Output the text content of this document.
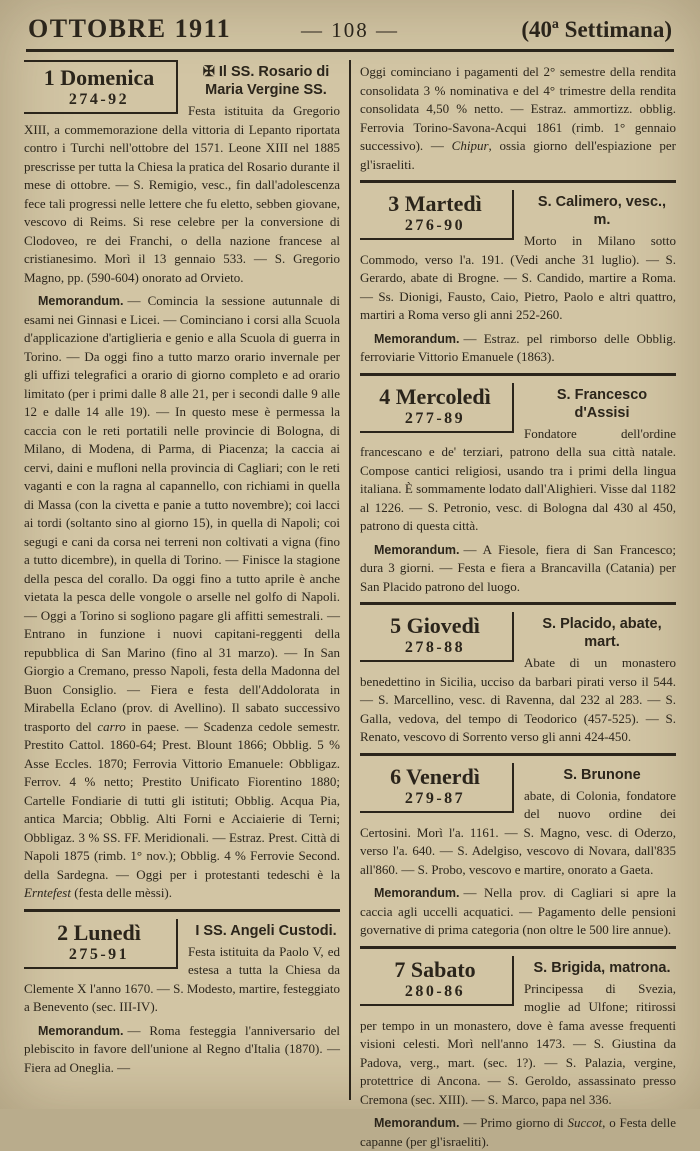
OTTOBRE 1911	— 108 —	(40ª Settimana)
1 Domenica
274-92
✠ Il SS. Rosario di Maria Vergine SS.

Festa istituita da Gregorio XIII, a commemorazione della vittoria di Lepanto riportata contro i Turchi nell'ottobre del 1571. Leone XIII nel 1885 prescrisse per tutta la Chiesa la pratica del Rosario durante il mese di ottobre. — S. Remigio, vesc., fin dall'adolescenza fece tali progressi nelle lettere che fu eletto, sebben giovane, vescovo di Reims. Si rese celebre per la conversione di Clodoveo, re dei Franchi, o della nazione francese al cristianesimo. Morì il 13 gennaio 533. — S. Gregorio Magno, pp. (590-604) onorato ad Orvieto.

Memorandum. — Comincia la sessione autunnale di esami nei Ginnasi e Licei. — Cominciano i corsi alla Scuola d'applicazione d'artiglieria e genio e alla Scuola di guerra in Torino. — Da oggi fino a tutto marzo orario invernale per gli uffizi telegrafici a orario di giorno completo e ad orario limitato (per i primi dalle 8 alle 21, per i secondi dalle 9 alle 12 e dalle 14 alle 19). — In questo mese è permessa la caccia con le reti portatili nelle provincie di Bologna, di Milano, di Modena, di Parma, di Piacenza; la caccia ai cervi, daini e mufloni nella provincia di Cagliari; con le reti vaganti e con la ragna al capannello, con richiami in quella di Massa (con la civetta e panie a tutto novembre); coi lacci ai tordi (soltanto sino al giorno 15), in quella di Napoli; coi segugi e cani da corsa nei terreni non coltivati a vigna (fino a tutto dicembre), in quella di Torino. — Finisce la stagione della pesca del corallo. Da oggi fino a tutto aprile è anche vietata la pesca delle vongole o arselle nel golfo di Napoli. — Oggi a Torino si sogliono pagare gli affitti semestrali. — Entrano in funzione i nuovi capitani-reggenti della repubblica di San Marino (fino al 31 marzo). — In San Giorgio a Cremano, presso Napoli, festa della Madonna del Buon Consiglio. — Fiera e festa dell'Addolorata in Mirabella Eclano (prov. di Avellino). Il sabato successivo trasporto del carro in paese. — Scadenza cedole semestr. Prestito Cattol. 1860-64; Prest. Blount 1866; Obblig. 5 % Asse Eccles. 1870; Ferrovia Vittorio Emanuele: Obbligaz. Ferrov. 4 % netto; Prestito Unificato Fiorentino 1880; Cartelle Fondiarie di tutti gli istituti; Obblig. Acqua Pia, antica Marcia; Obblig. Alti Forni e Acciaierie di Terni; Obbligaz. 3 % SS. FF. Meridionali. — Estraz. Prest. Città di Napoli 1875 (rimb. 1° nov.); Obblig. 4 % Ferrovie Second. della Sardegna. — Oggi per i protestanti tedeschi è la Erntefest (festa delle mèssi).

2 Lunedì
275-91
I SS. Angeli Custodi.

Festa istituita da Paolo V, ed estesa a tutta la Chiesa da Clemente X l'anno 1670. — S. Modesto, martire, festeggiato a Benevento (sec. III-IV).

Memorandum. — Roma festeggia l'anniversario del plebiscito in favore dell'unione al Regno d'Italia (1870). — Fiera ad Oneglia. —

Oggi cominciano i pagamenti del 2° semestre della rendita consolidata 3 % nominativa e del 4° trimestre della rendita consolidata 4,50 % netto. — Estraz. ammortizz. obblig. Ferrovia Torino-Savona-Acqui 1861 (rimb. 1° gennaio successivo). — Chipur, ossia giorno dell'espiazione per gl'israeliti.

3 Martedì
276-90
S. Calimero, vesc., m.

Morto in Milano sotto Commodo, verso l'a. 191. (Vedi anche 31 luglio). — S. Gerardo, abate di Brogne. — S. Candido, martire a Roma. — Ss. Dionigi, Fausto, Caio, Pietro, Paolo e altri quattro, martiri a Roma verso gli anni 252-260.

Memorandum. — Estraz. pel rimborso delle Obblig. ferroviarie Vittorio Emanuele (1863).

4 Mercoledì
277-89
S. Francesco d'Assisi

Fondatore dell'ordine francescano e de' terziari, patrono della sua città natale. Compose cantici religiosi, usando tra i primi della lingua italiana. È sommamente lodato dall'Alighieri. Visse dal 1182 al 1226. — S. Petronio, vesc. di Bologna dal 430 al 450, patrono di questa città.

Memorandum. — A Fiesole, fiera di San Francesco; dura 3 giorni. — Festa e fiera a Brancavilla (Catania) per San Placido patrono del luogo.

5 Giovedì
278-88
S. Placido, abate, mart.

Abate di un monastero benedettino in Sicilia, ucciso da barbari pirati verso il 544. — S. Marcellino, vesc. di Ravenna, dal 232 al 283. — S. Galla, vedova, del tempo di Teodorico (457-525). — S. Renato, vescovo di Sorrento verso gli anni 424-450.

6 Venerdì
279-87
S. Brunone

abate, di Colonia, fondatore del nuovo ordine dei Certosini. Morì l'a. 1161. — S. Magno, vesc. di Oderzo, verso l'a. 640. — S. Adelgiso, vescovo di Novara, dall'835 all'860. — S. Probo, vescovo e martire, onorato a Gaeta.

Memorandum. — Nella prov. di Cagliari si apre la caccia agli uccelli acquatici. — Pagamento delle pensioni governative di prima categoria (non oltre le 500 lire annue).

7 Sabato
280-86
S. Brigida, matrona.

Principessa di Svezia, moglie ad Ulfone; ritirossi per tempo in un monastero, dove è fama avesse frequenti visioni celesti. Morì nell'anno 1473. — S. Giustina da Padova, verg., mart. (sec. 1?). — S. Palazia, vergine, protettrice di Ancona. — S. Geroldo, assassinato presso Cremona (sec. XIII). — S. Marco, papa nel 336.

Memorandum. — Primo giorno di Succot, o Festa delle capanne (per gl'israeliti).
